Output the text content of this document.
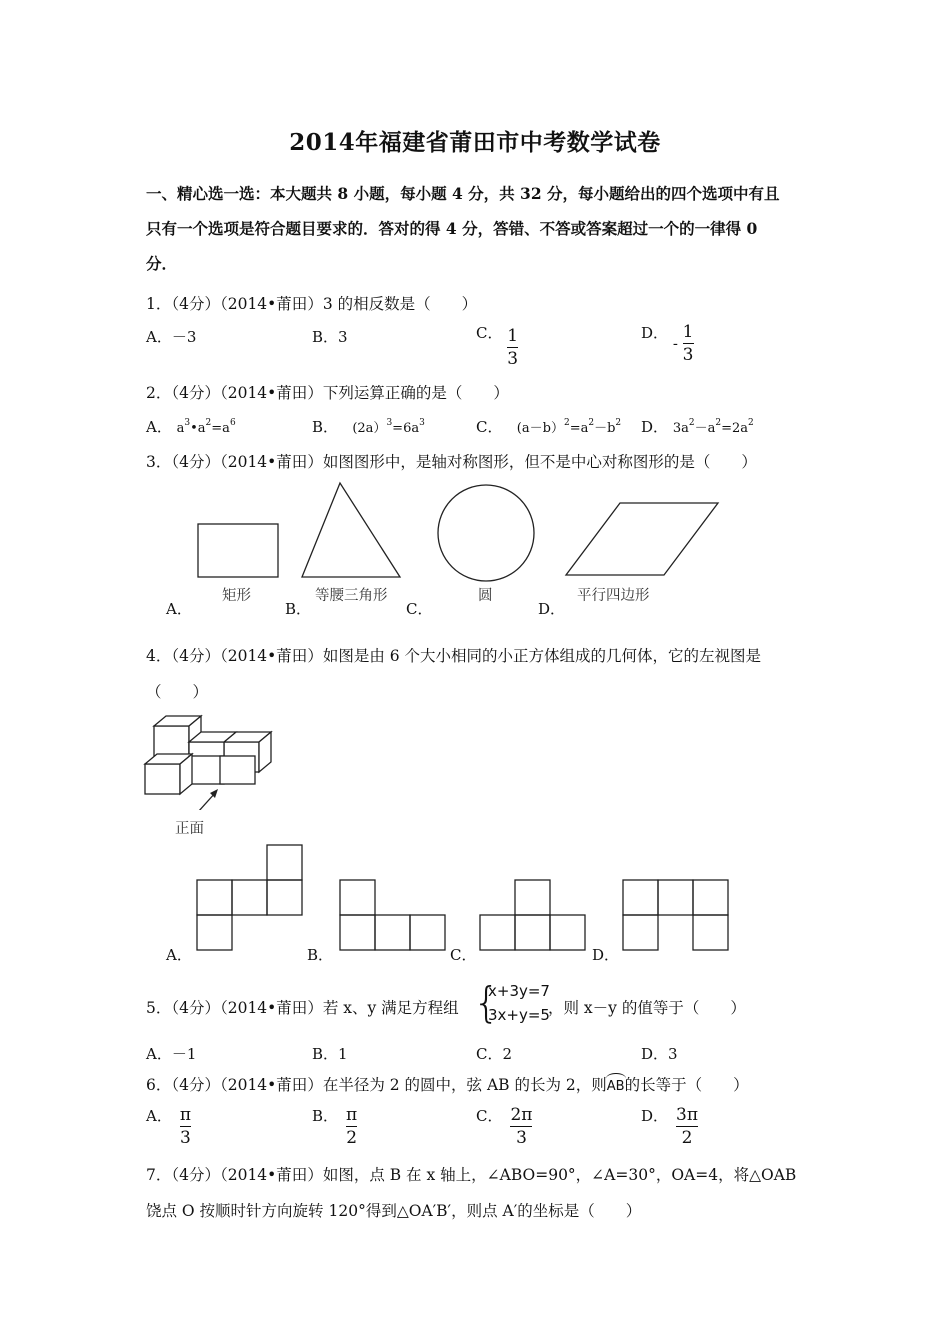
2014年福建省莆田市中考数学试卷
一、精心选一选：本大题共 8 小题，每小题 4 分，共 32 分，每小题给出的四个选项中有且
只有一个选项是符合题目要求的．答对的得 4 分，答错、不答或答案超过一个的一律得 0
分．
1．（4分）（2014•莆田）3 的相反数是（　　）
A．－3	B．3	C． $\frac{1}{3}$	D． - $\frac{1}{3}$
2．（4分）（2014•莆田）下列运算正确的是（　　）
A． $a^3•a^2=a^6$	B． $(2a)^3=6a^3$	C． $(a-b)^2=a^2-b^2$ D． $3a^2-a^2=2a^2$
3．（4分）（2014•莆田）如图图形中，是轴对称图形，但不是中心对称图形的是（　　）
矩形	等腰三角形	圆	平行四边形
A．	B．	C．	D．
4．（4分）（2014•莆田）如图是由 6 个大小相同的小正方体组成的几何体，它的左视图是
（　　）
正面
A．	B．	C．	D．
5．（4分）（2014•莆田）若 x、y 满足方程组 {
x+3y=7
3x+y=5
，则 x－y 的值等于（　　）
A．－1	B．1	C．2	D．3
6．（4分）（2014•莆田）在半径为 2 的圆中，弦 AB 的长为 2，则AB的长等于（　　）
A． $\frac{\pi}{3}$	B． $\frac{\pi}{2}$	C． $\frac{2\pi}{3}$	D． $\frac{3\pi}{2}$
7．（4分）（2014•莆田）如图，点 B 在 x 轴上，∠ABO=90°，∠A=30°，OA=4，将△OAB
饶点 O 按顺时针方向旋转 120°得到△OA′B′，则点 A′的坐标是（　　）
